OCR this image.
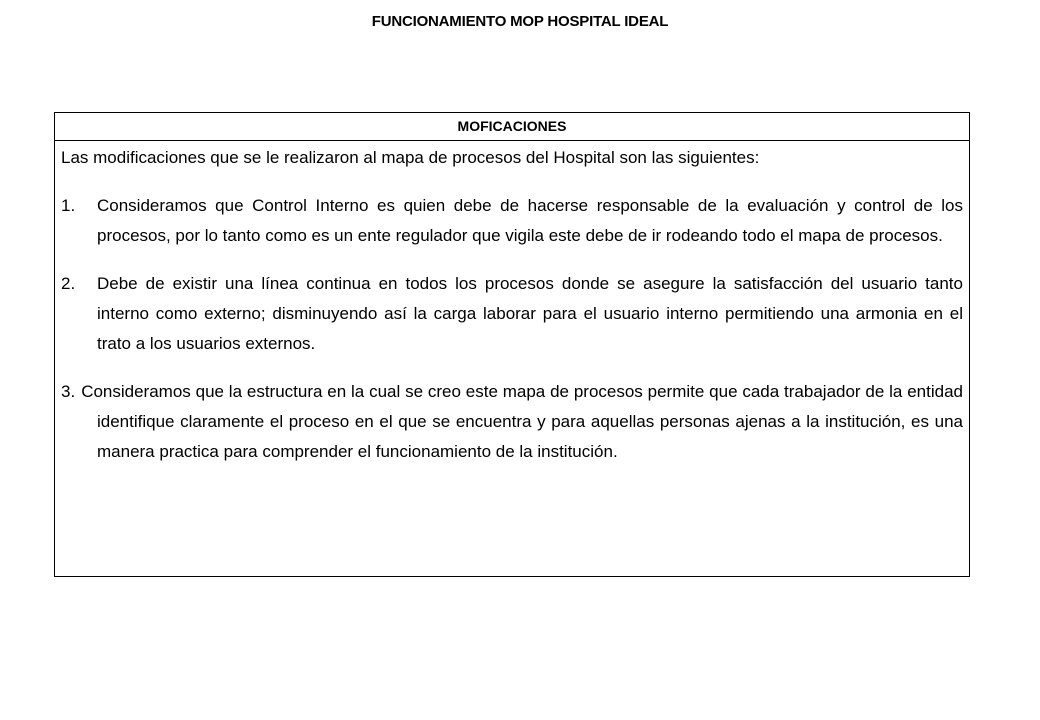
FUNCIONAMIENTO MOP HOSPITAL IDEAL
MOFICACIONES

Las modificaciones que se le realizaron al mapa de procesos del Hospital son las siguientes:

1. Consideramos que Control Interno es quien debe de hacerse responsable de la evaluación y control de los procesos, por lo tanto como es un ente regulador que vigila este debe de ir rodeando todo el mapa de procesos.

2. Debe de existir una línea continua en todos los procesos donde se asegure la satisfacción del usuario tanto interno como externo; disminuyendo así la carga laborar para el usuario interno permitiendo una armonia en el trato a los usuarios externos.

3. Consideramos que la estructura en la cual se creo este mapa de procesos permite que cada trabajador de la entidad identifique claramente el proceso en el que se encuentra y para aquellas personas ajenas a la institución, es una manera practica para comprender el funcionamiento de la institución.
